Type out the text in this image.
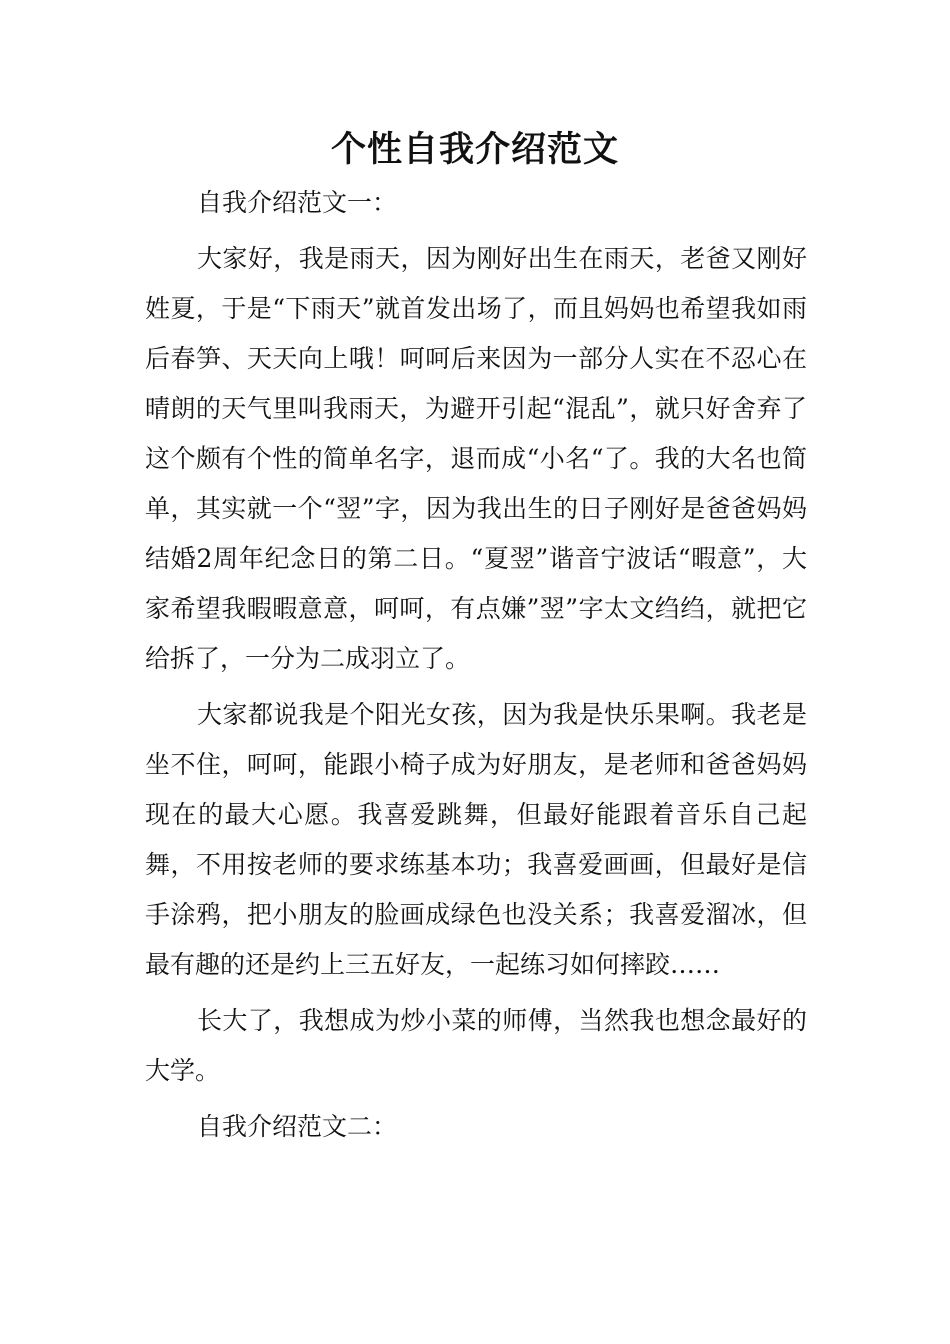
个性自我介绍范文

自我介绍范文一：

大家好，我是雨天，因为刚好出生在雨天，老爸又刚好姓夏，于是“下雨天”就首发出场了，而且妈妈也希望我如雨后春笋、天天向上哦！呵呵后来因为一部分人实在不忍心在晴朗的天气里叫我雨天，为避开引起“混乱”，就只好舍弃了这个颇有个性的简单名字，退而成“小名“了。我的大名也简单，其实就一个“翌”字，因为我出生的日子刚好是爸爸妈妈结婚2周年纪念日的第二日。“夏翌”谐音宁波话“暇意”，大家希望我暇暇意意，呵呵，有点嫌”翌”字太文绉绉，就把它给拆了，一分为二成羽立了。

大家都说我是个阳光女孩，因为我是快乐果啊。我老是坐不住，呵呵，能跟小椅子成为好朋友，是老师和爸爸妈妈现在的最大心愿。我喜爱跳舞，但最好能跟着音乐自己起舞，不用按老师的要求练基本功；我喜爱画画，但最好是信手涂鸦，把小朋友的脸画成绿色也没关系；我喜爱溜冰，但最有趣的还是约上三五好友，一起练习如何摔跤……

长大了，我想成为炒小菜的师傅，当然我也想念最好的大学。

自我介绍范文二：
